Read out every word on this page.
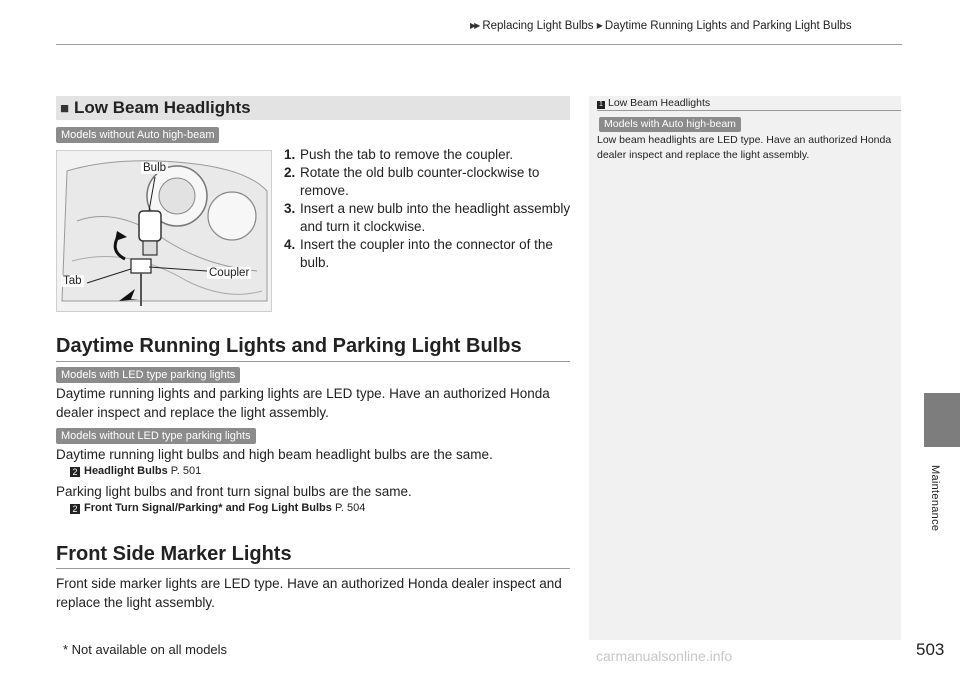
▶▶ Replacing Light Bulbs ▶ Daytime Running Lights and Parking Light Bulbs
Maintenance
■ Low Beam Headlights
Models without Auto high-beam
Bulb
Tab
Coupler
1. Push the tab to remove the coupler.
2. Rotate the old bulb counter-clockwise to remove.
3. Insert a new bulb into the headlight assembly and turn it clockwise.
4. Insert the coupler into the connector of the bulb.
Daytime Running Lights and Parking Light Bulbs
Models with LED type parking lights
Daytime running lights and parking lights are LED type. Have an authorized Honda dealer inspect and replace the light assembly.
Models without LED type parking lights
Daytime running light bulbs and high beam headlight bulbs are the same.
2 Headlight Bulbs P. 501
Parking light bulbs and front turn signal bulbs are the same.
2 Front Turn Signal/Parking* and Fog Light Bulbs P. 504
Front Side Marker Lights
Front side marker lights are LED type. Have an authorized Honda dealer inspect and replace the light assembly.
1 Low Beam Headlights
Models with Auto high-beam
Low beam headlights are LED type. Have an authorized Honda dealer inspect and replace the light assembly.
* Not available on all models	carmanualsonline.info	503
